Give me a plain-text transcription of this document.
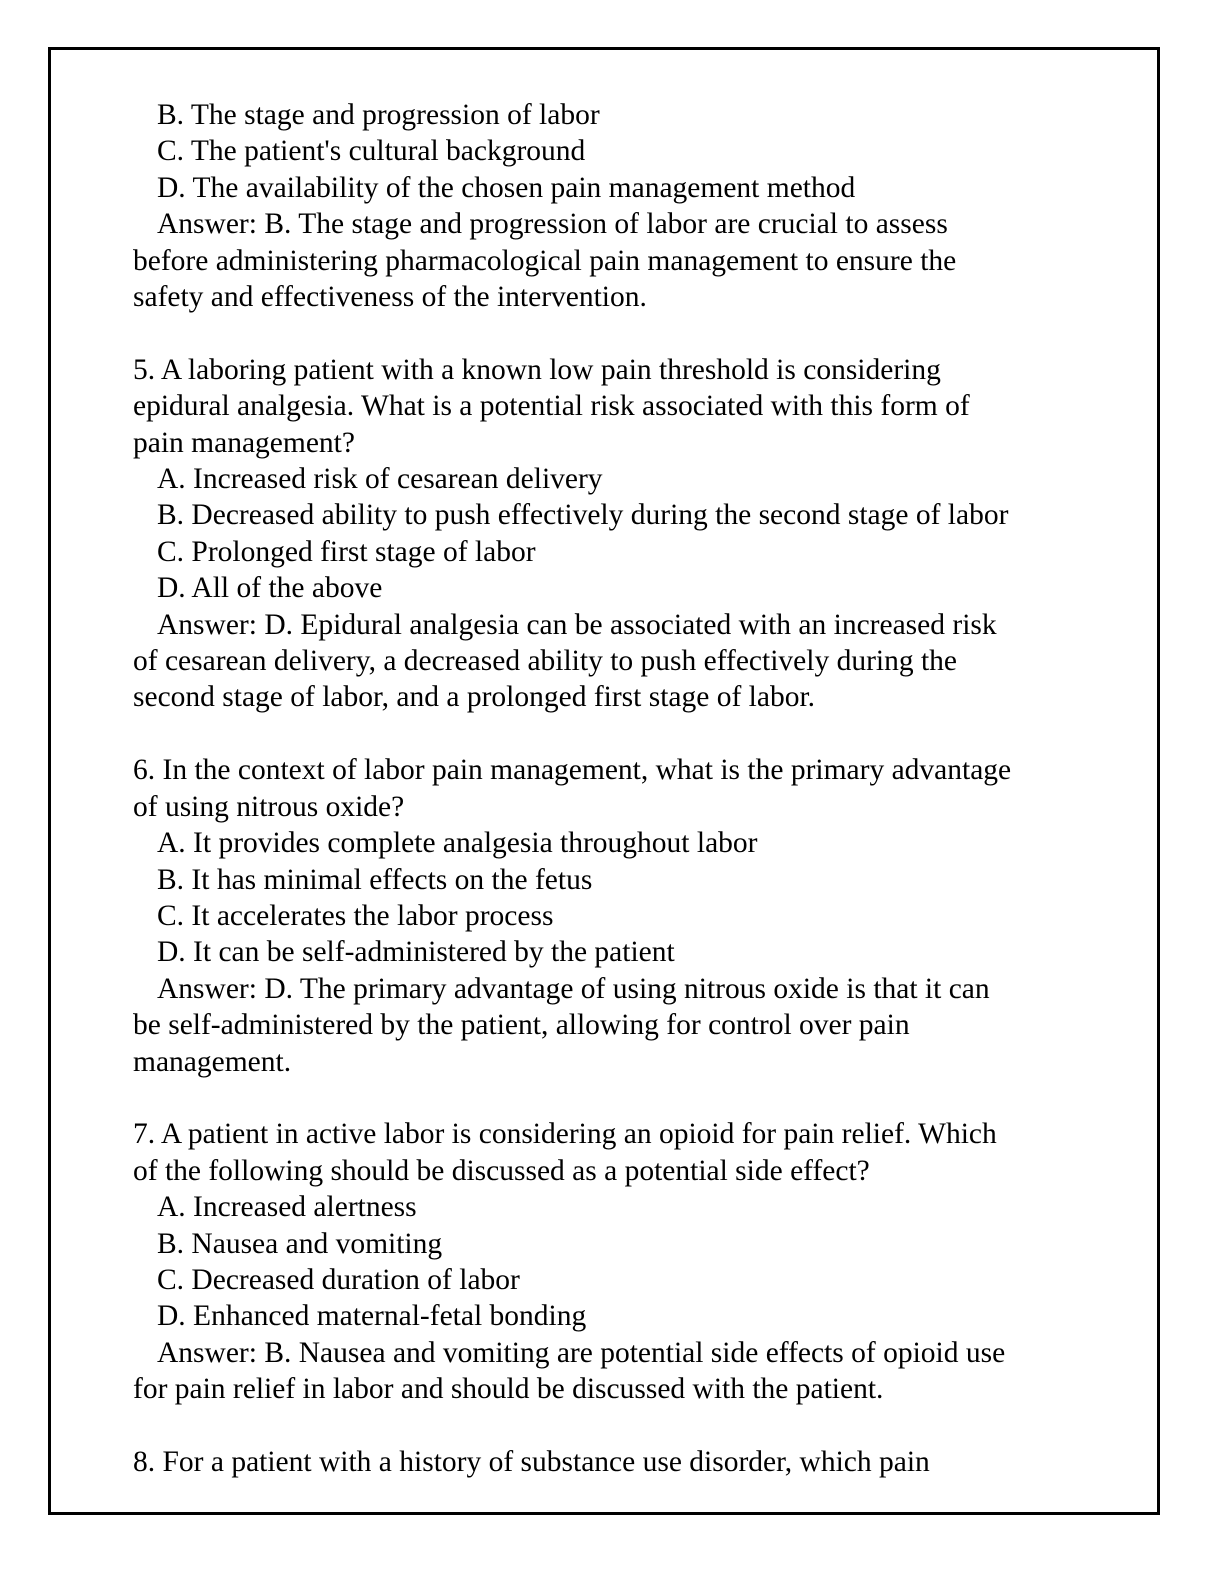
B. The stage and progression of labor
C. The patient's cultural background
D. The availability of the chosen pain management method
Answer: B. The stage and progression of labor are crucial to assess
before administering pharmacological pain management to ensure the
safety and effectiveness of the intervention.
5. A laboring patient with a known low pain threshold is considering
epidural analgesia. What is a potential risk associated with this form of
pain management?
A. Increased risk of cesarean delivery
B. Decreased ability to push effectively during the second stage of labor
C. Prolonged first stage of labor
D. All of the above
Answer: D. Epidural analgesia can be associated with an increased risk
of cesarean delivery, a decreased ability to push effectively during the
second stage of labor, and a prolonged first stage of labor.
6. In the context of labor pain management, what is the primary advantage
of using nitrous oxide?
A. It provides complete analgesia throughout labor
B. It has minimal effects on the fetus
C. It accelerates the labor process
D. It can be self-administered by the patient
Answer: D. The primary advantage of using nitrous oxide is that it can
be self-administered by the patient, allowing for control over pain
management.
7. A patient in active labor is considering an opioid for pain relief. Which
of the following should be discussed as a potential side effect?
A. Increased alertness
B. Nausea and vomiting
C. Decreased duration of labor
D. Enhanced maternal-fetal bonding
Answer: B. Nausea and vomiting are potential side effects of opioid use
for pain relief in labor and should be discussed with the patient.
8. For a patient with a history of substance use disorder, which pain
